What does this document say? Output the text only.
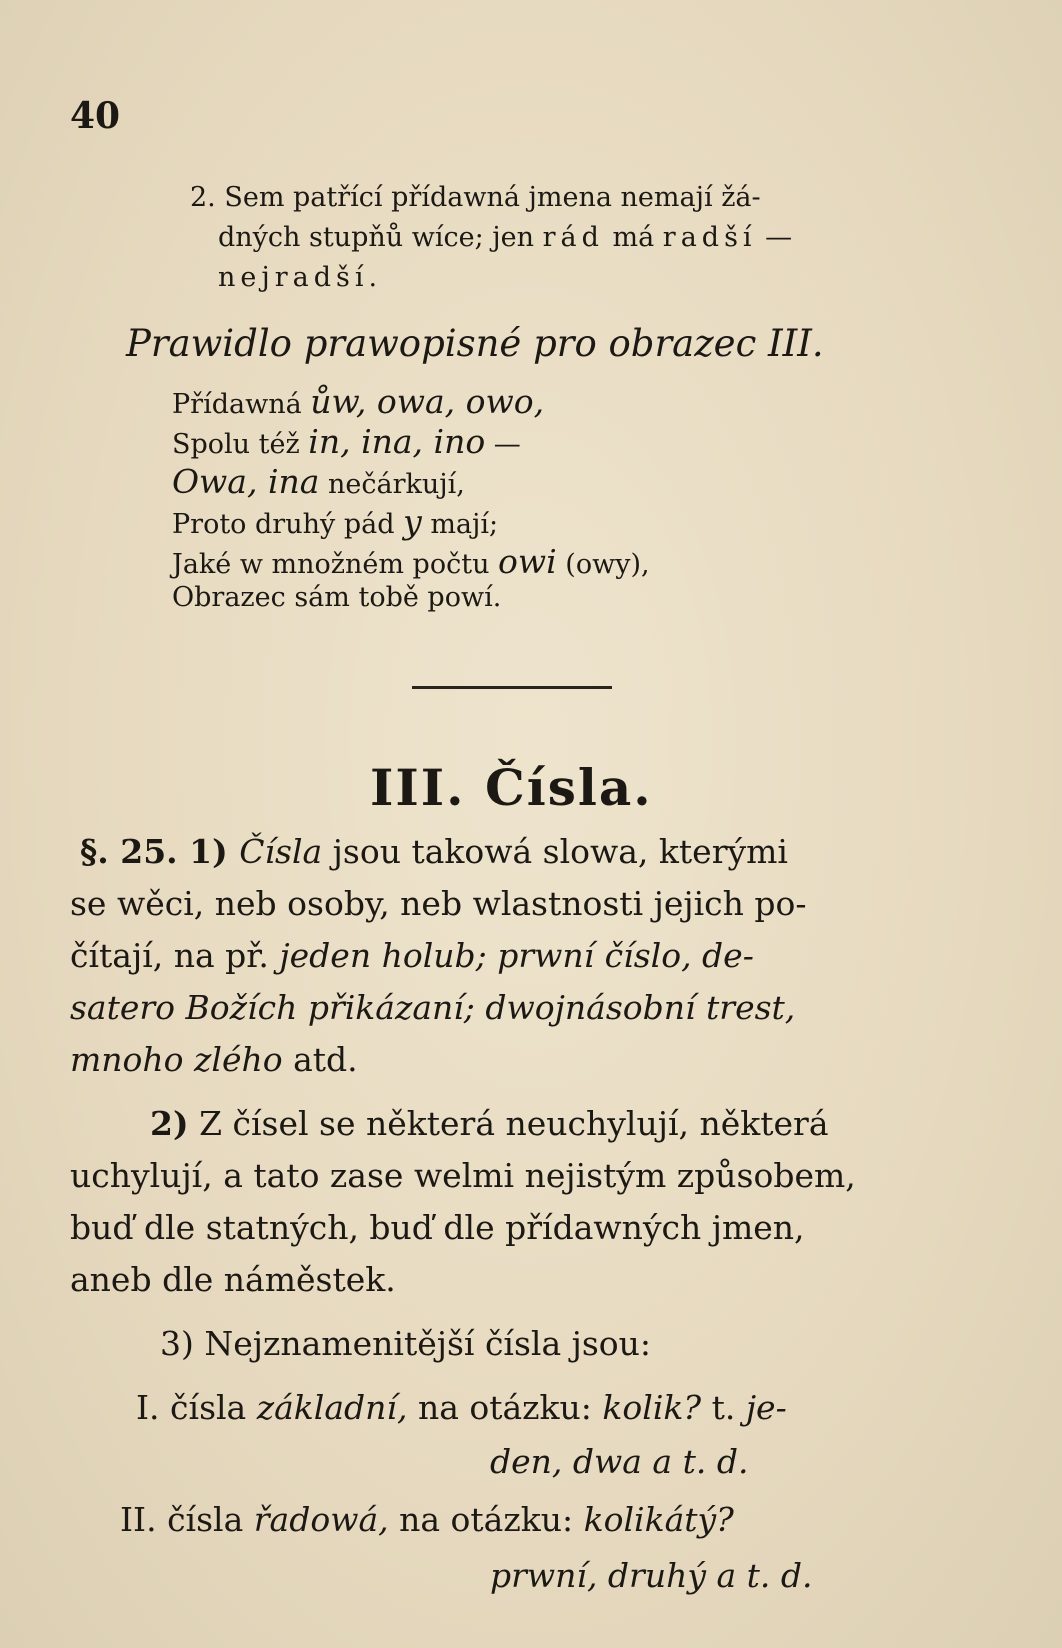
40
2. Sem patřící přídawná jmena nemají žá-
dných stupňů wíce; jen rád má radší —
nejradší.
Prawidlo prawopisné pro obrazec III.
Přídawná ůw, owa, owo,
Spolu též in, ina, ino —
Owa, ina nečárkují,
Proto druhý pád y mají;
Jaké w množném počtu owi (owy),
Obrazec sám tobě powí.
III. Čísla.
§. 25. 1) Čísla jsou takowá slowa, kterými
se wěci, neb osoby, neb wlastnosti jejich po-
čítají, na př. jeden holub; prwní číslo, de-
satero Božích přikázaní; dwojnásobní trest,
mnoho zlého atd.
2) Z čísel se některá neuchylují, některá
uchylují, a tato zase welmi nejistým způsobem,
buď dle statných, buď dle přídawných jmen,
aneb dle náměstek.
3) Nejznamenitější čísla jsou:
I. čísla základní, na otázku: kolik? t. je-
den, dwa a t. d.
II. čísla řadowá, na otázku: kolikátý?
prwní, druhý a t. d.
